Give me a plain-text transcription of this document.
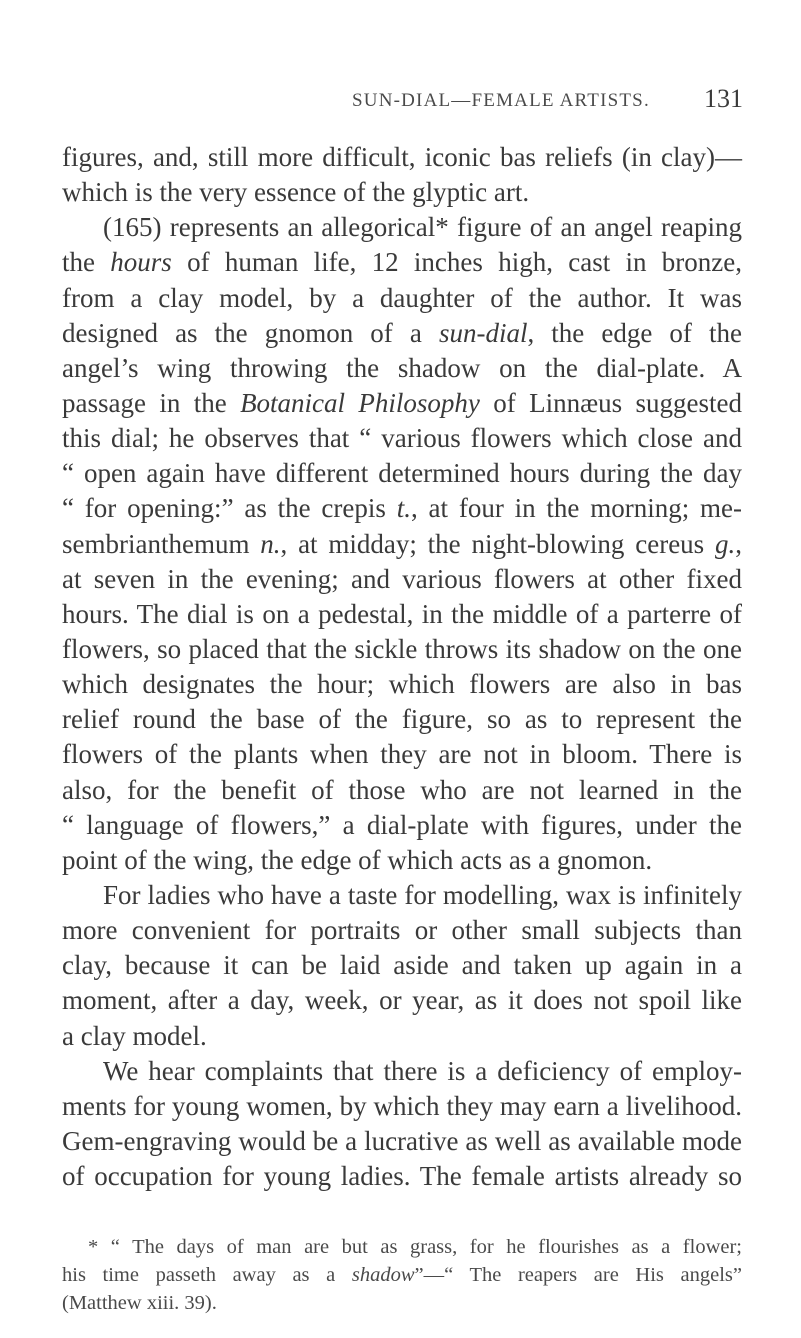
SUN-DIAL—FEMALE ARTISTS. 131
figures, and, still more difficult, iconic bas reliefs (in clay)—
which is the very essence of the glyptic art.
(165) represents an allegorical* figure of an angel reaping
the hours of human life, 12 inches high, cast in bronze,
from a clay model, by a daughter of the author. It was
designed as the gnomon of a sun-dial, the edge of the
angel’s wing throwing the shadow on the dial-plate. A
passage in the Botanical Philosophy of Linnæus suggested
this dial; he observes that “ various flowers which close and
“ open again have different determined hours during the day
“ for opening:” as the crepis t., at four in the morning; me-
sembrianthemum n., at midday; the night-blowing cereus g.,
at seven in the evening; and various flowers at other fixed
hours. The dial is on a pedestal, in the middle of a parterre of
flowers, so placed that the sickle throws its shadow on the one
which designates the hour; which flowers are also in bas
relief round the base of the figure, so as to represent the
flowers of the plants when they are not in bloom. There is
also, for the benefit of those who are not learned in the
“ language of flowers,” a dial-plate with figures, under the
point of the wing, the edge of which acts as a gnomon.
For ladies who have a taste for modelling, wax is infinitely
more convenient for portraits or other small subjects than
clay, because it can be laid aside and taken up again in a
moment, after a day, week, or year, as it does not spoil like
a clay model.
We hear complaints that there is a deficiency of employ-
ments for young women, by which they may earn a livelihood.
Gem-engraving would be a lucrative as well as available mode
of occupation for young ladies. The female artists already so
* “ The days of man are but as grass, for he flourishes as a flower;
his time passeth away as a shadow”—“ The reapers are His angels”
(Matthew xiii. 39).
